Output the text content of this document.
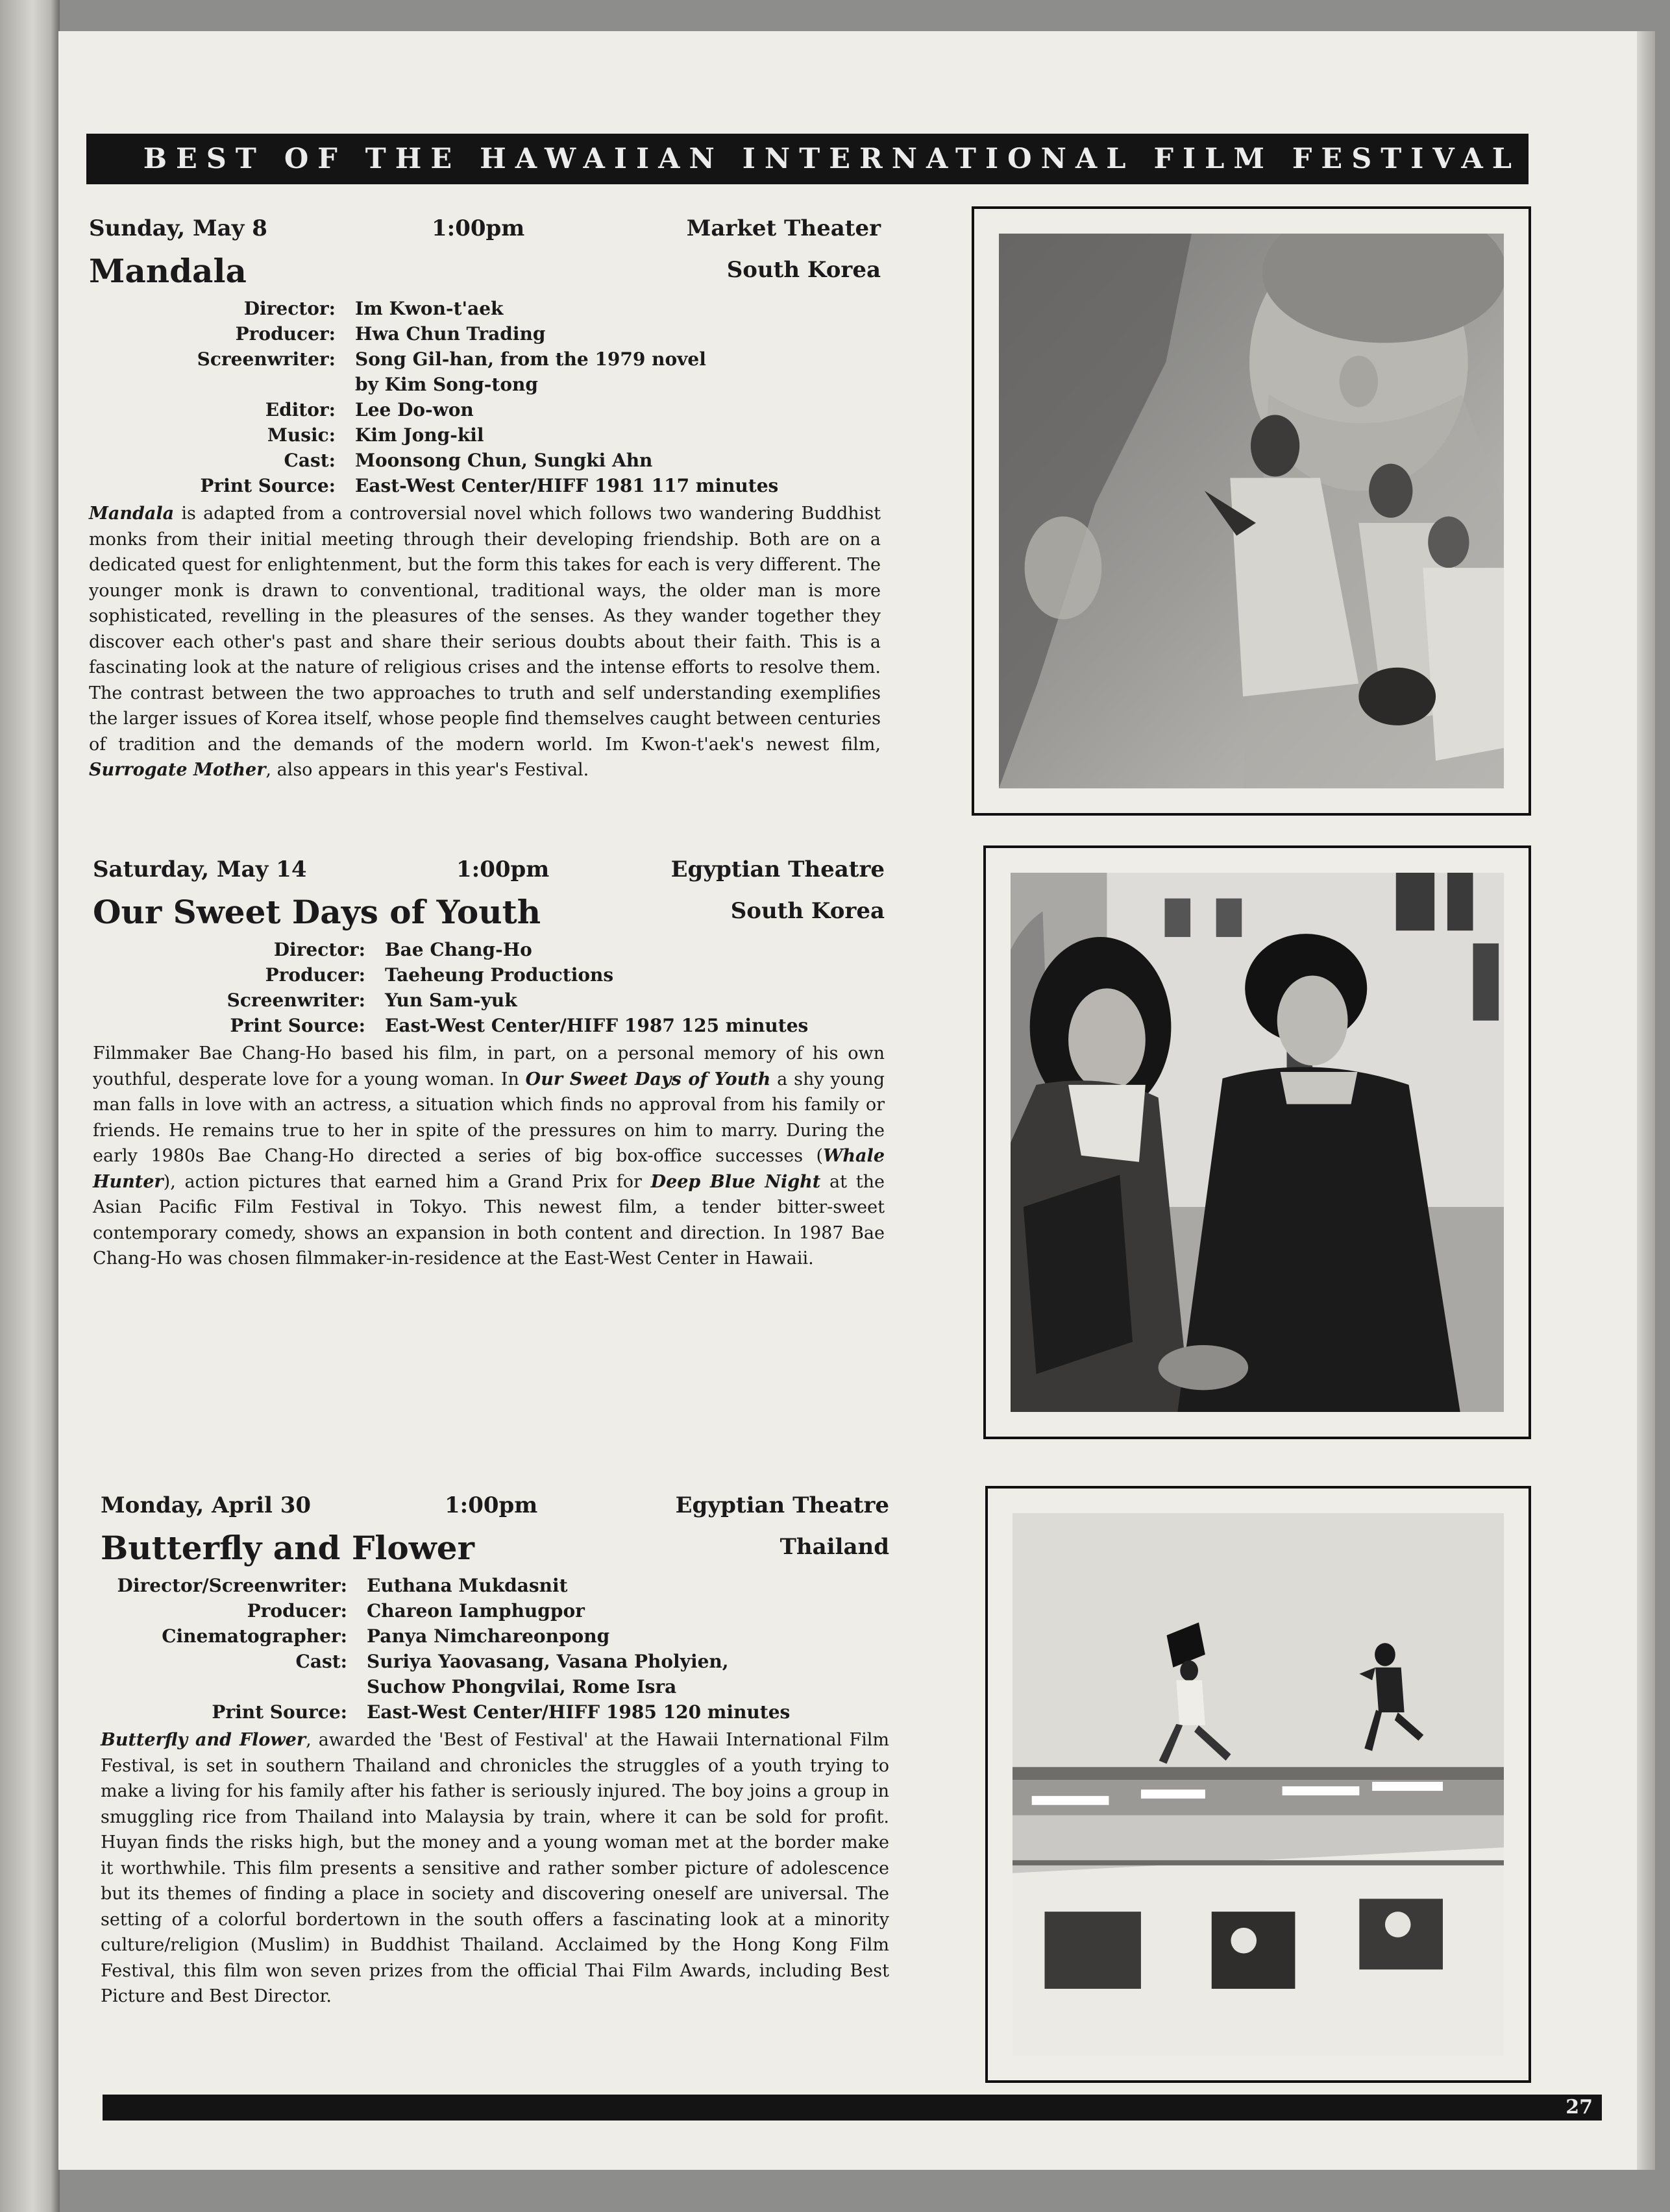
BEST OF THE HAWAIIAN INTERNATIONAL FILM FESTIVAL
Sunday, May 8	1:00pm	Market Theater
Mandala	South Korea
Director: Im Kwon-t'aek
Producer: Hwa Chun Trading
Screenwriter: Song Gil-han, from the 1979 novel by Kim Song-tong
Editor: Lee Do-won
Music: Kim Jong-kil
Cast: Moonsong Chun, Sungki Ahn
Print Source: East-West Center/HIFF 1981 117 minutes

Mandala is adapted from a controversial novel which follows two wandering Buddhist monks from their initial meeting through their developing friendship. Both are on a dedicated quest for enlightenment, but the form this takes for each is very different. The younger monk is drawn to conventional, traditional ways, the older man is more sophisticated, revelling in the pleasures of the senses. As they wander together they discover each other's past and share their serious doubts about their faith. This is a fascinating look at the nature of religious crises and the intense efforts to resolve them. The contrast between the two approaches to truth and self understanding exemplifies the larger issues of Korea itself, whose people find themselves caught between centuries of tradition and the demands of the modern world. Im Kwon-t'aek's newest film, Surrogate Mother, also appears in this year's Festival.

Saturday, May 14	1:00pm	Egyptian Theatre
Our Sweet Days of Youth	South Korea
Director: Bae Chang-Ho
Producer: Taeheung Productions
Screenwriter: Yun Sam-yuk
Print Source: East-West Center/HIFF 1987 125 minutes

Filmmaker Bae Chang-Ho based his film, in part, on a personal memory of his own youthful, desperate love for a young woman. In Our Sweet Days of Youth a shy young man falls in love with an actress, a situation which finds no approval from his family or friends. He remains true to her in spite of the pressures on him to marry. During the early 1980s Bae Chang-Ho directed a series of big box-office successes (Whale Hunter), action pictures that earned him a Grand Prix for Deep Blue Night at the Asian Pacific Film Festival in Tokyo. This newest film, a tender bitter-sweet contemporary comedy, shows an expansion in both content and direction. In 1987 Bae Chang-Ho was chosen filmmaker-in-residence at the East-West Center in Hawaii.

Monday, April 30	1:00pm	Egyptian Theatre
Butterfly and Flower	Thailand
Director/Screenwriter: Euthana Mukdasnit
Producer: Chareon Iamphugpor
Cinematographer: Panya Nimchareonpong
Cast: Suriya Yaovasang, Vasana Pholyien, Suchow Phongvilai, Rome Isra
Print Source: East-West Center/HIFF 1985 120 minutes

Butterfly and Flower, awarded the 'Best of Festival' at the Hawaii International Film Festival, is set in southern Thailand and chronicles the struggles of a youth trying to make a living for his family after his father is seriously injured. The boy joins a group in smuggling rice from Thailand into Malaysia by train, where it can be sold for profit. Huyan finds the risks high, but the money and a young woman met at the border make it worthwhile. This film presents a sensitive and rather somber picture of adolescence but its themes of finding a place in society and discovering oneself are universal. The setting of a colorful bordertown in the south offers a fascinating look at a minority culture/religion (Muslim) in Buddhist Thailand. Acclaimed by the Hong Kong Film Festival, this film won seven prizes from the official Thai Film Awards, including Best Picture and Best Director.

27
